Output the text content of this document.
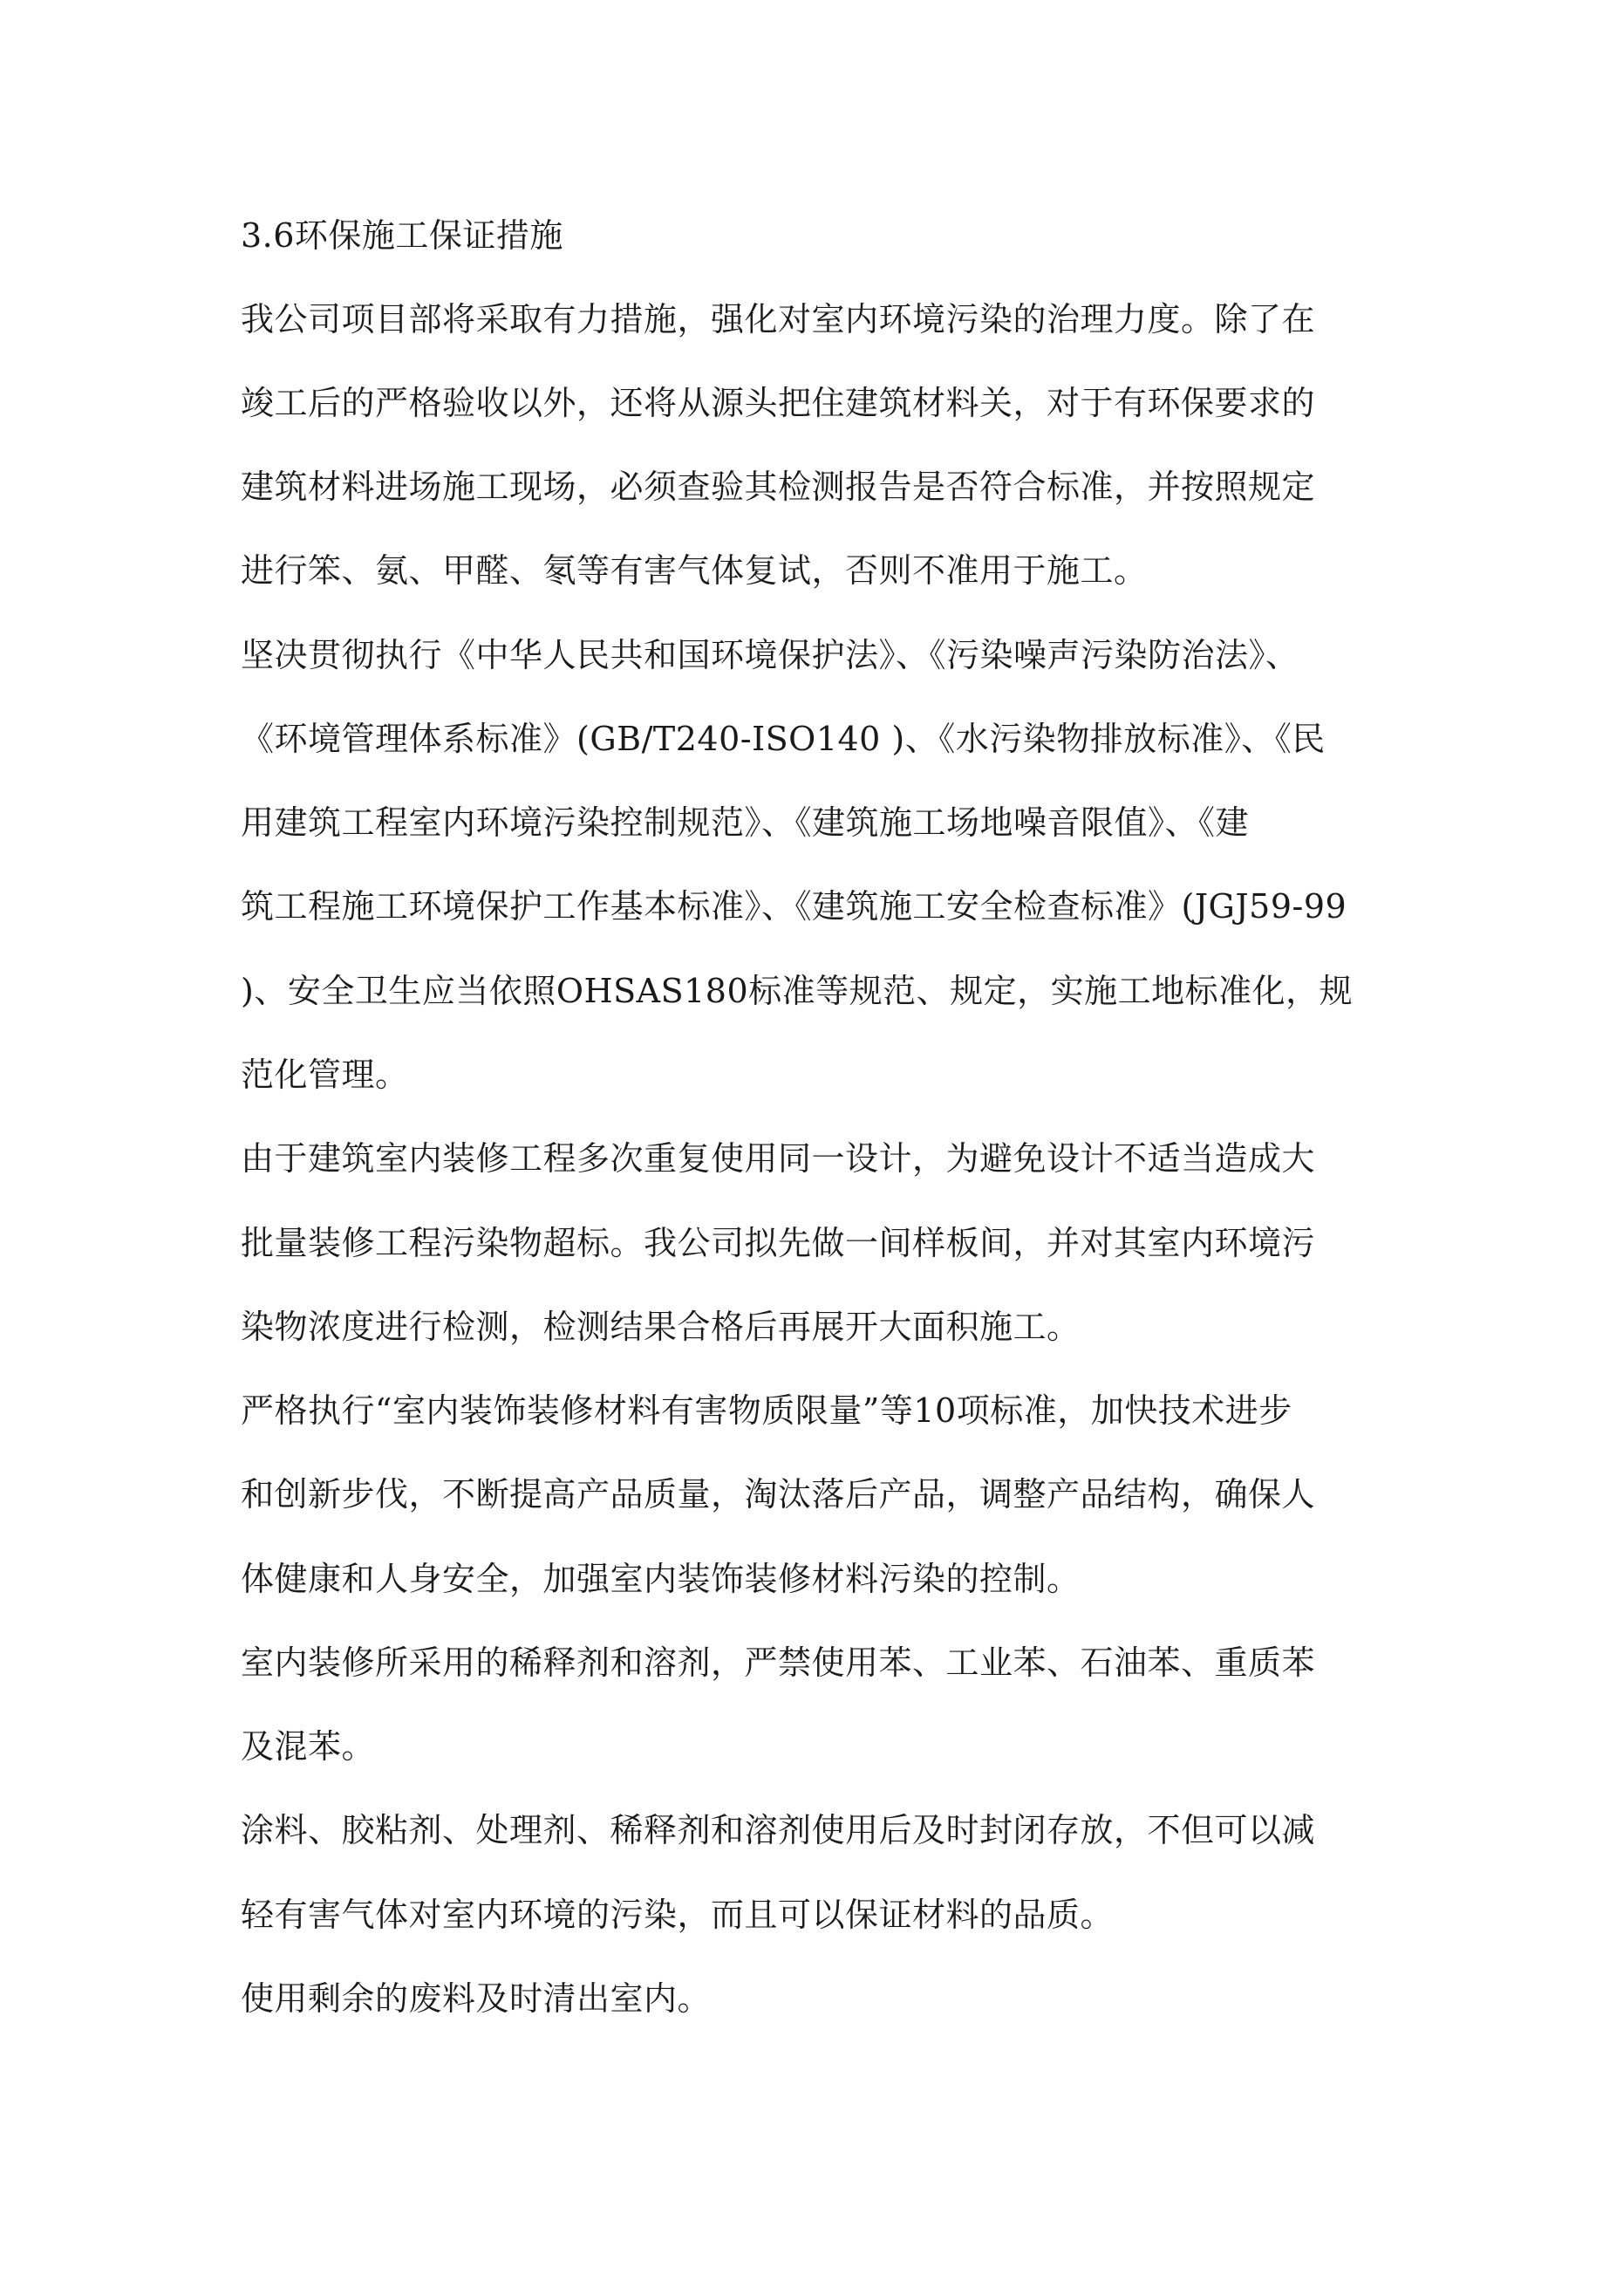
3.6环保施工保证措施
我公司项目部将采取有力措施，强化对室内环境污染的治理力度。除了在
竣工后的严格验收以外，还将从源头把住建筑材料关，对于有环保要求的
建筑材料进场施工现场，必须查验其检测报告是否符合标准，并按照规定
进行笨、氨、甲醛、氡等有害气体复试，否则不准用于施工。
坚决贯彻执行《中华人民共和国环境保护法》、《污染噪声污染防治法》、
《环境管理体系标准》(GB/T240-ISO140 )、《水污染物排放标准》、《民
用建筑工程室内环境污染控制规范》、《建筑施工场地噪音限值》、《建
筑工程施工环境保护工作基本标准》、《建筑施工安全检查标准》(JGJ59-99
)、安全卫生应当依照OHSAS180标准等规范、规定，实施工地标准化，规
范化管理。
由于建筑室内装修工程多次重复使用同一设计，为避免设计不适当造成大
批量装修工程污染物超标。我公司拟先做一间样板间，并对其室内环境污
染物浓度进行检测，检测结果合格后再展开大面积施工。
严格执行“室内装饰装修材料有害物质限量”等10项标准，加快技术进步
和创新步伐，不断提高产品质量，淘汰落后产品，调整产品结构，确保人
体健康和人身安全，加强室内装饰装修材料污染的控制。
室内装修所采用的稀释剂和溶剂，严禁使用苯、工业苯、石油苯、重质苯
及混苯。
涂料、胶粘剂、处理剂、稀释剂和溶剂使用后及时封闭存放，不但可以减
轻有害气体对室内环境的污染，而且可以保证材料的品质。
使用剩余的废料及时清出室内。
